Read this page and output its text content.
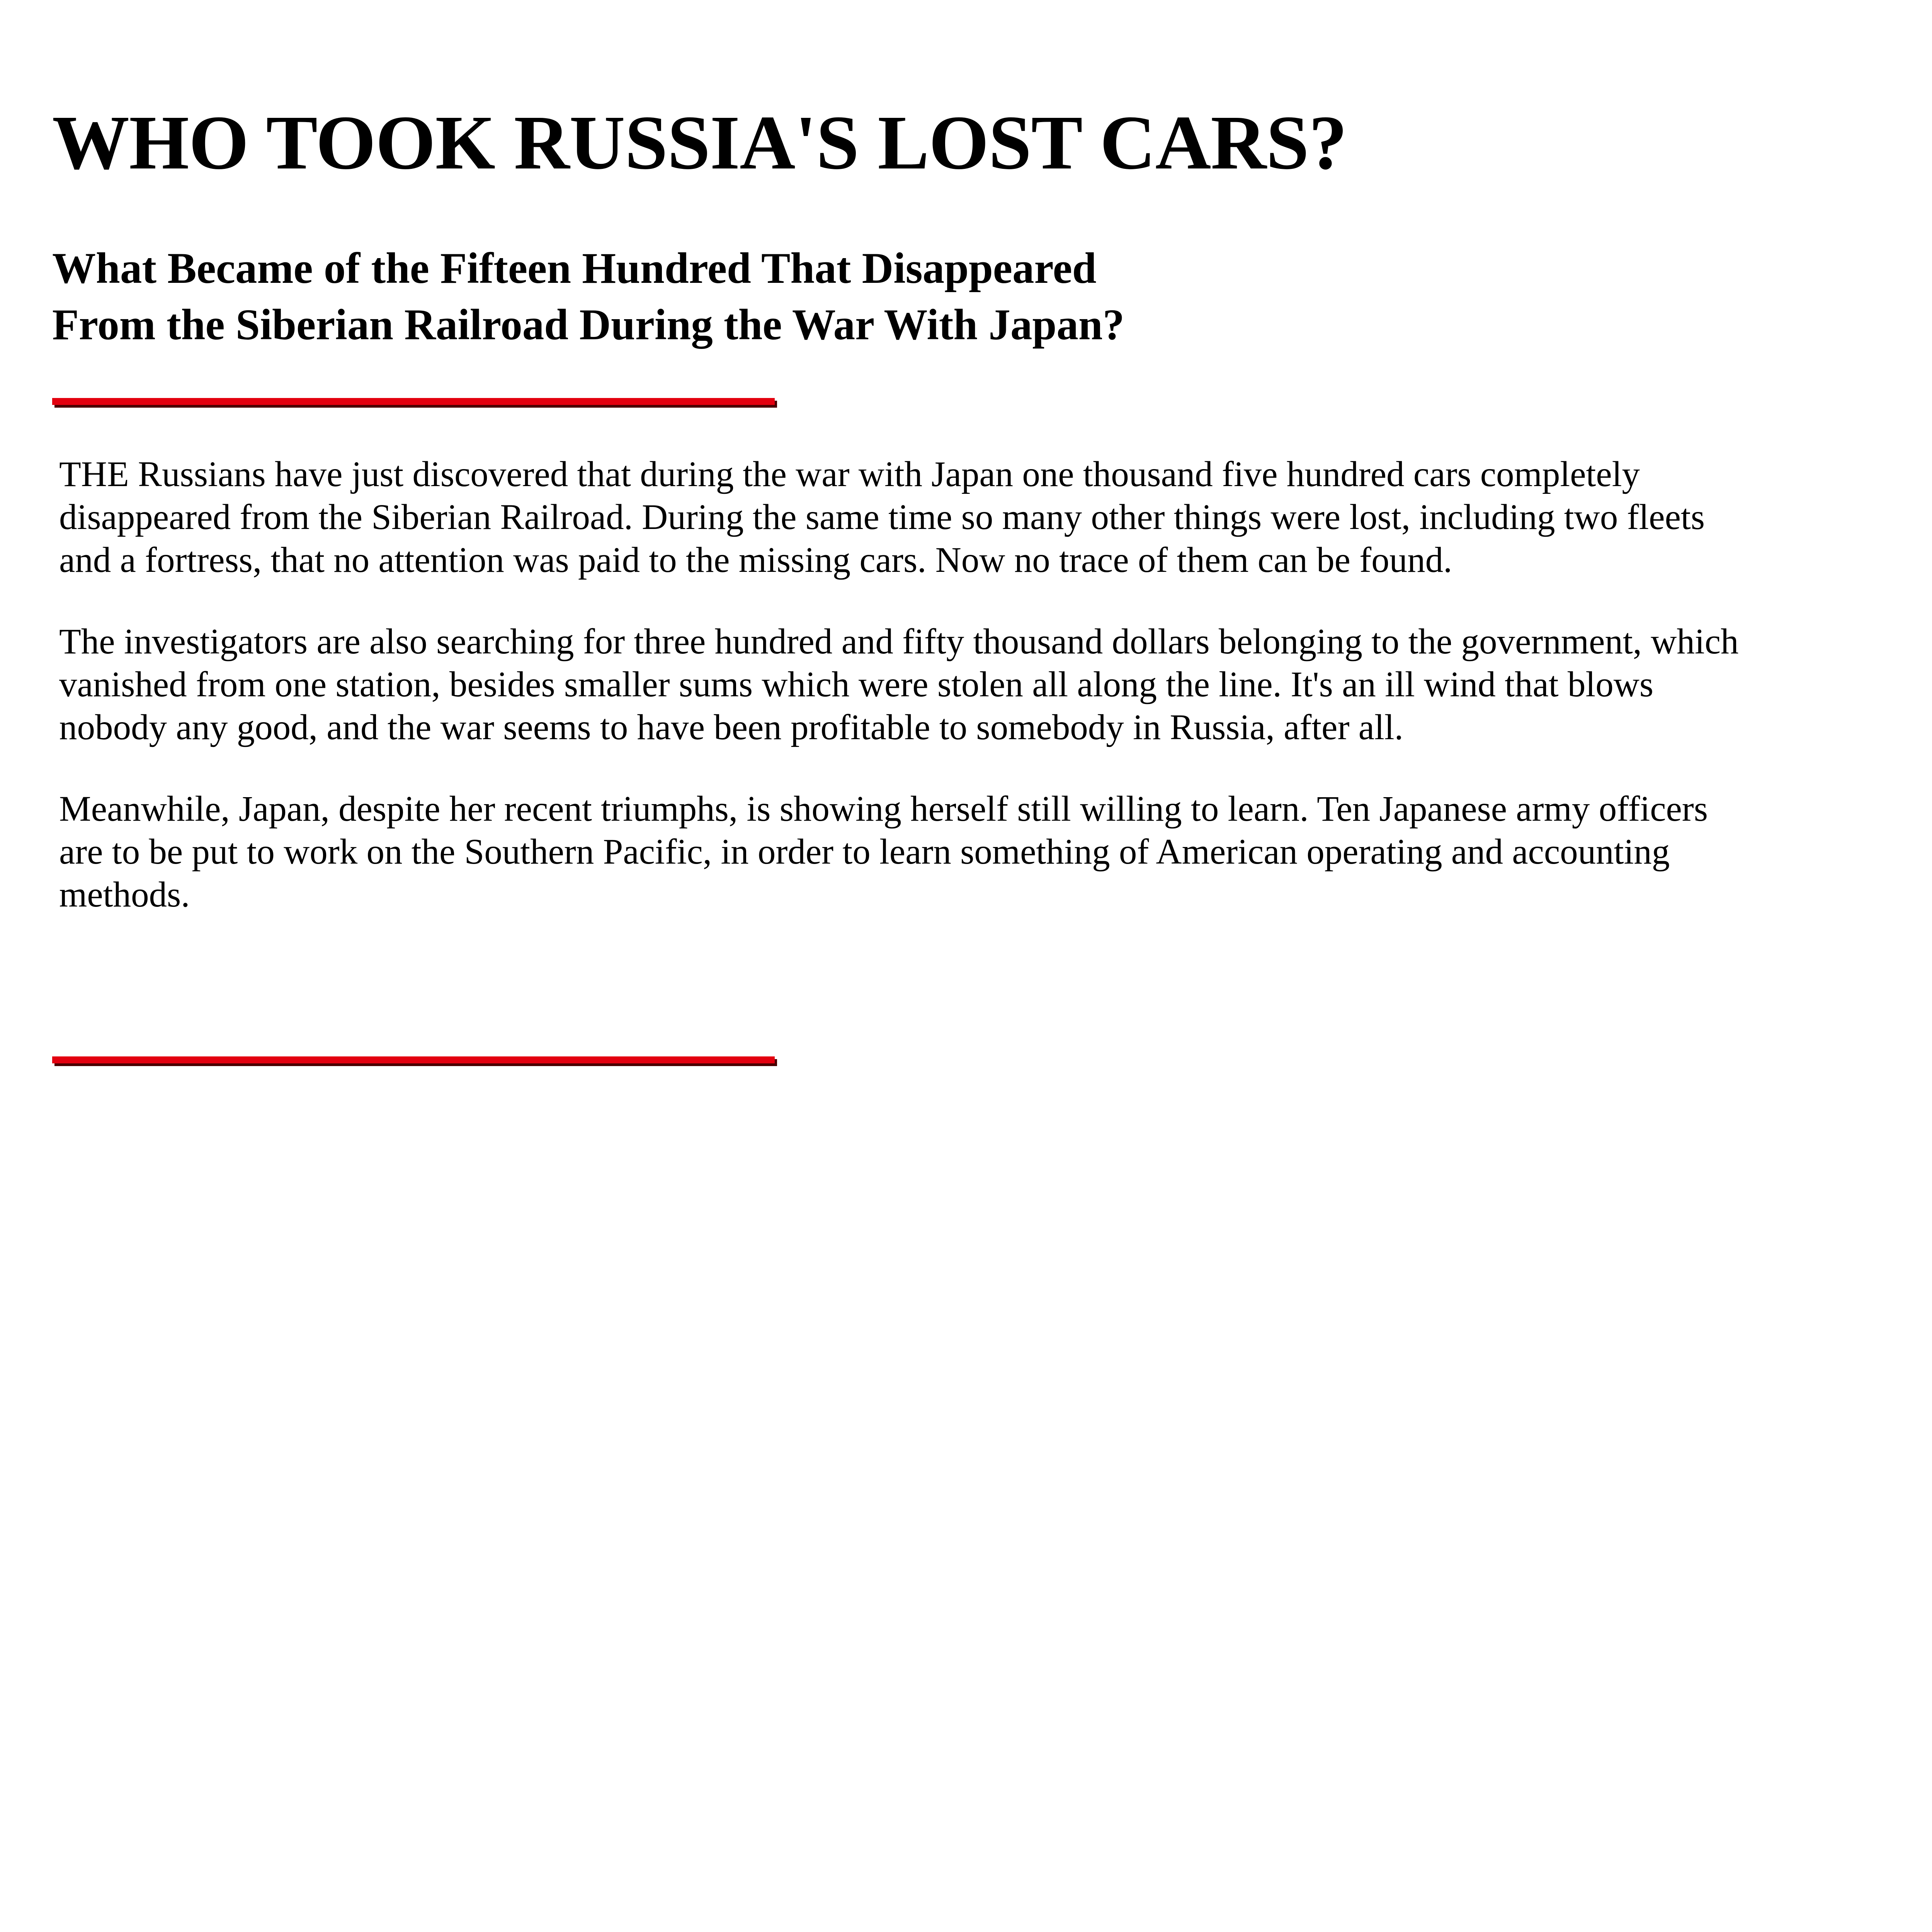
WHO TOOK RUSSIA'S LOST CARS?
What Became of the Fifteen Hundred That Disappeared
From the Siberian Railroad During the War With Japan?

THE Russians have just discovered that during the war with Japan one thousand five hundred cars completely disappeared from the Siberian Railroad. During the same time so many other things were lost, including two fleets and a fortress, that no attention was paid to the missing cars. Now no trace of them can be found.

The investigators are also searching for three hundred and fifty thousand dollars belonging to the government, which vanished from one station, besides smaller sums which were stolen all along the line. It's an ill wind that blows nobody any good, and the war seems to have been profitable to somebody in Russia, after all.

Meanwhile, Japan, despite her recent triumphs, is showing herself still willing to learn. Ten Japanese army officers are to be put to work on the Southern Pacific, in order to learn something of American operating and accounting methods.
